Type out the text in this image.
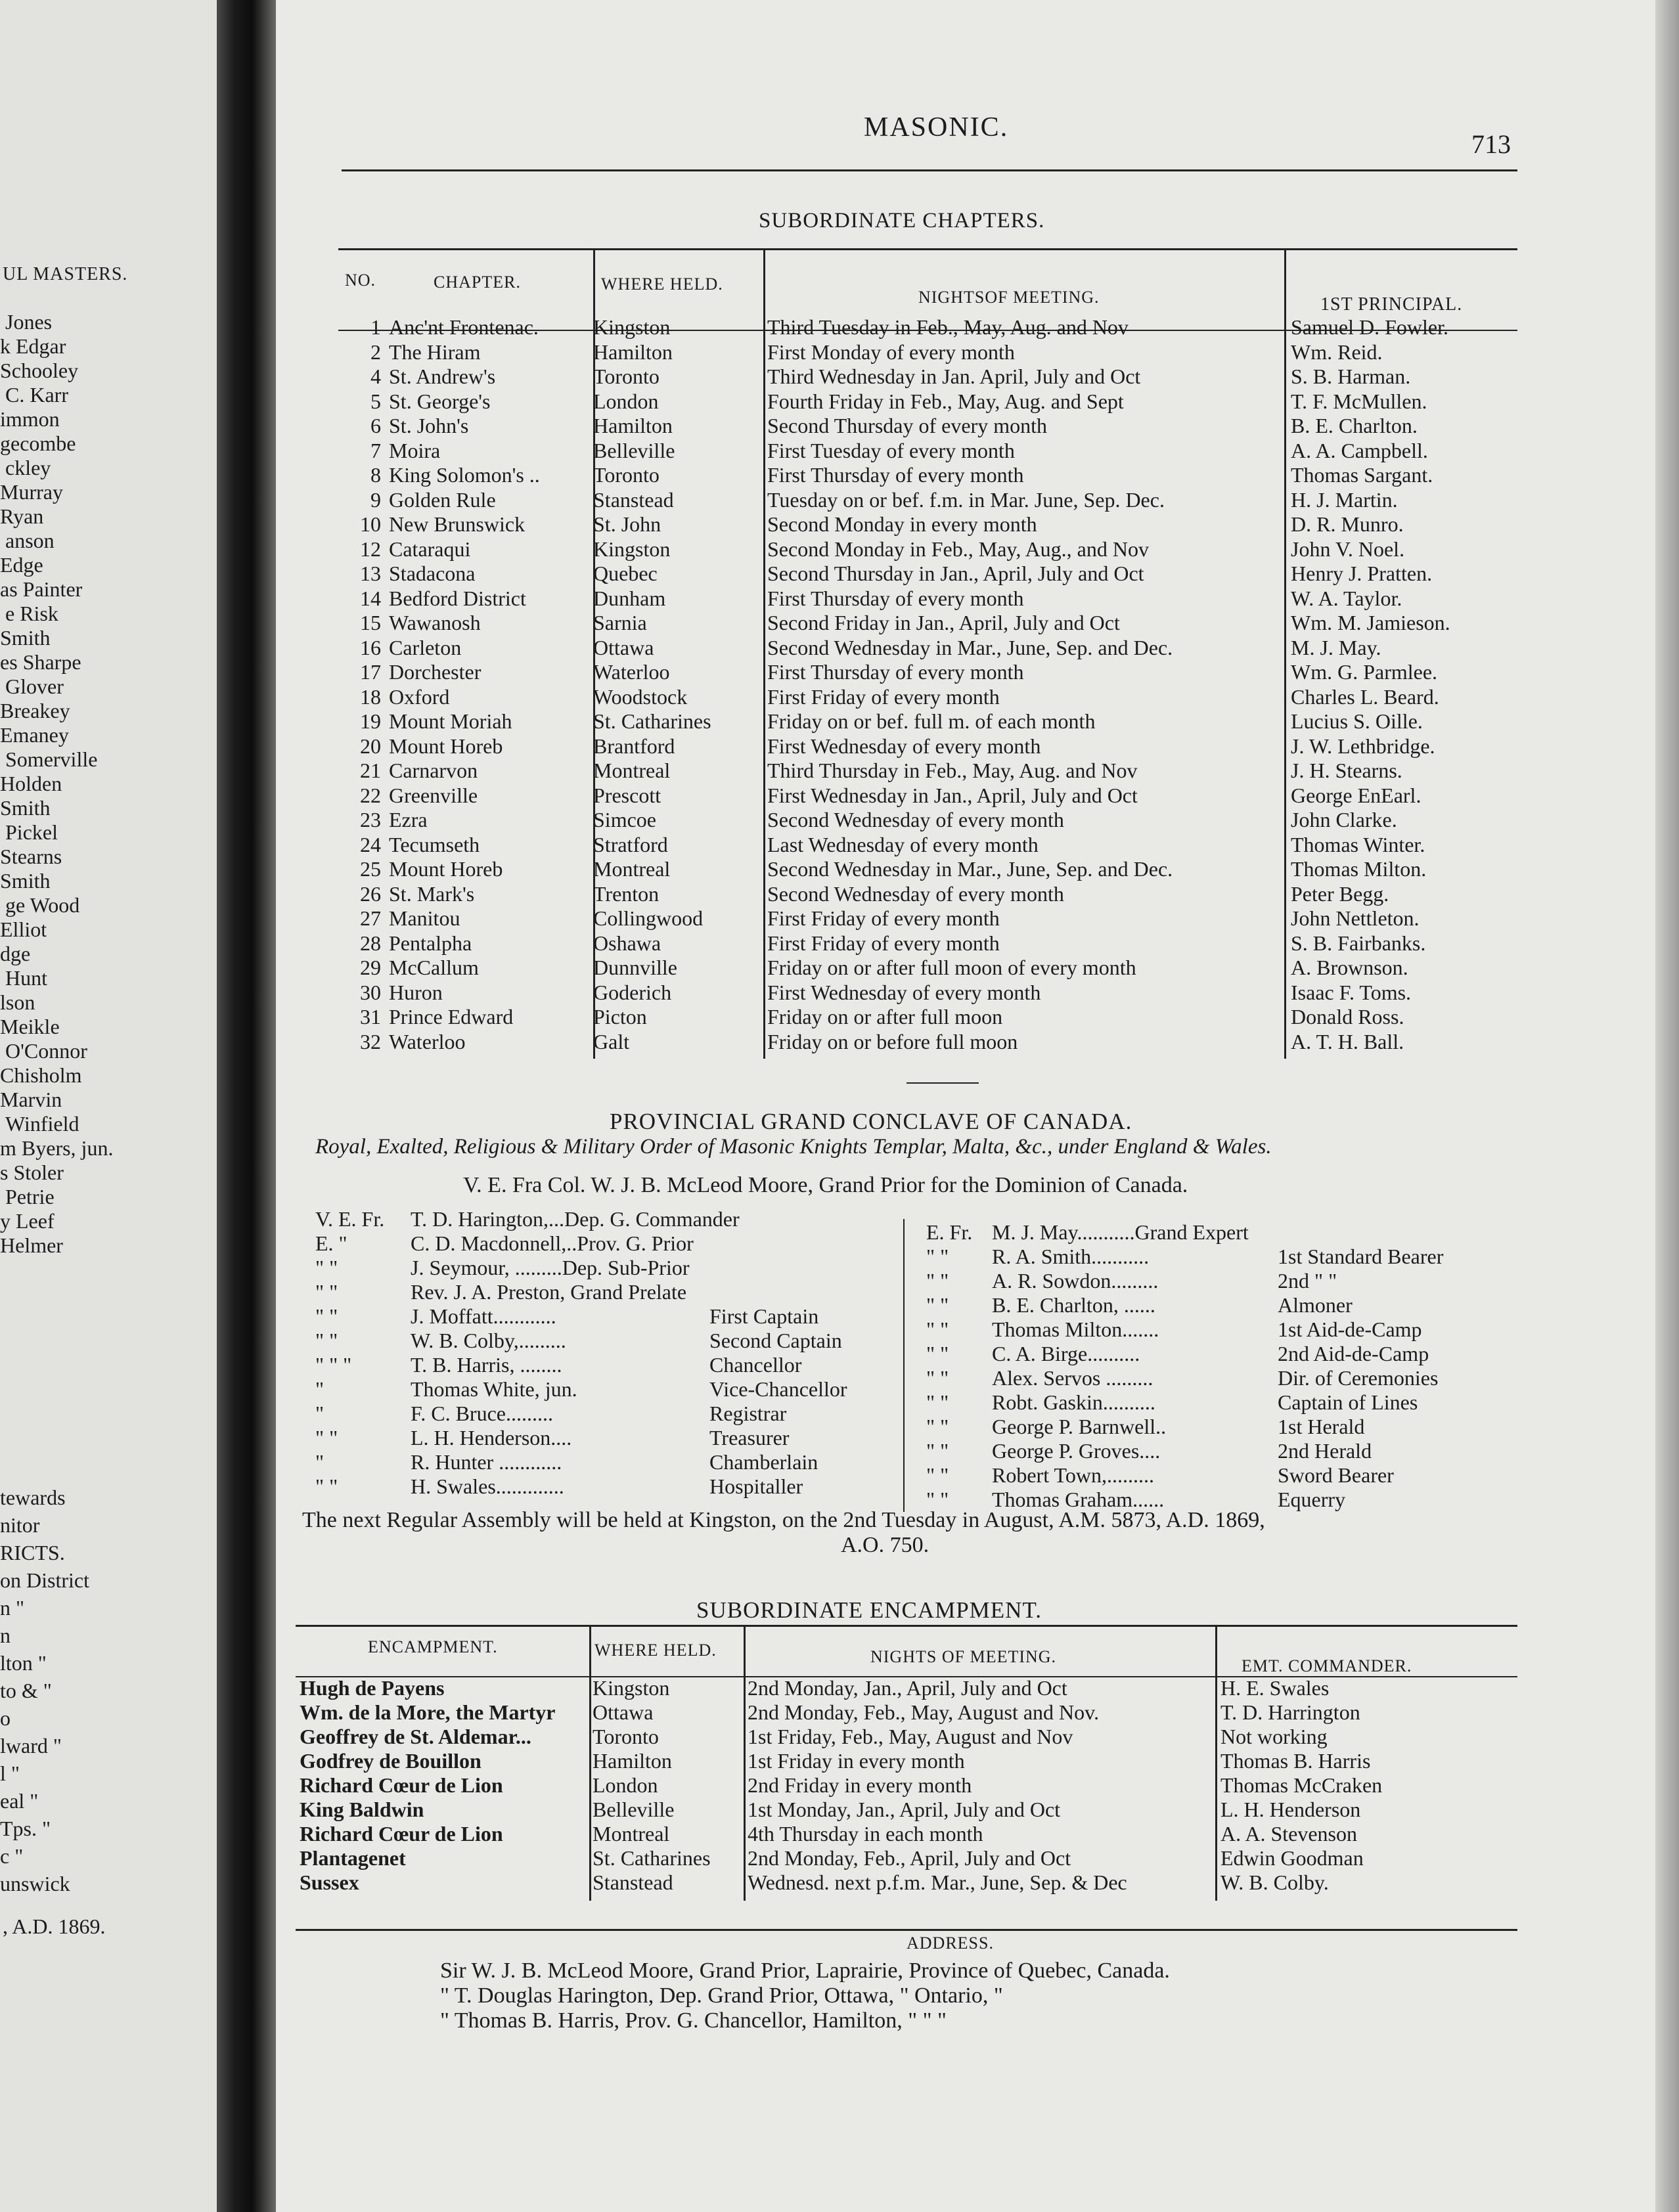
UL MASTERS.
Jones
k Edgar
Schooley
C. Karr
immon
gecombe
ckley
Murray
Ryan
anson
Edge
as Painter
e Risk
Smith
es Sharpe
Glover
Breakey
Emaney
Somerville
Holden
Smith
Pickel
Stearns
Smith
ge Wood
Elliot
dge
Hunt
lson
Meikle
O'Connor
Chisholm
Marvin
Winfield
m Byers, jun.
s Stoler
Petrie
y Leef
Helmer
tewards
nitor
RICTS.
on District
n "
n
lton "
to & "
o
lward "
l "
eal "
Tps. "
c "
unswick
, A.D. 1869.
MASONIC.
713
SUBORDINATE CHAPTERS.
NO.	CHAPTER.	WHERE HELD.
NIGHTSOF MEETING.	1ST PRINCIPAL.
1 Anc'nt Frontenac.	Kingston	Third Tuesday in Feb., May, Aug. and Nov	Samuel D. Fowler.
2 The Hiram	Hamilton	First Monday of every month	Wm. Reid.
4 St. Andrew's	Toronto	Third Wednesday in Jan. April, July and Oct	S. B. Harman.
5 St. George's	London	Fourth Friday in Feb., May, Aug. and Sept	T. F. McMullen.
6 St. John's	Hamilton	Second Thursday of every month	B. E. Charlton.
7 Moira	Belleville	First Tuesday of every month	A. A. Campbell.
8 King Solomon's ..	Toronto	First Thursday of every month	Thomas Sargant.
9 Golden Rule	Stanstead	Tuesday on or bef. f.m. in Mar. June, Sep. Dec.	H. J. Martin.
10 New Brunswick	St. John	Second Monday in every month	D. R. Munro.
12 Cataraqui	Kingston	Second Monday in Feb., May, Aug., and Nov	John V. Noel.
13 Stadacona	Quebec	Second Thursday in Jan., April, July and Oct	Henry J. Pratten.
14 Bedford District	Dunham	First Thursday of every month	W. A. Taylor.
15 Wawanosh	Sarnia	Second Friday in Jan., April, July and Oct	Wm. M. Jamieson.
16 Carleton	Ottawa	Second Wednesday in Mar., June, Sep. and Dec.	M. J. May.
17 Dorchester	Waterloo	First Thursday of every month	Wm. G. Parmlee.
18 Oxford	Woodstock	First Friday of every month	Charles L. Beard.
19 Mount Moriah	St. Catharines	Friday on or bef. full m. of each month	Lucius S. Oille.
20 Mount Horeb	Brantford	First Wednesday of every month	J. W. Lethbridge.
21 Carnarvon	Montreal	Third Thursday in Feb., May, Aug. and Nov	J. H. Stearns.
22 Greenville	Prescott	First Wednesday in Jan., April, July and Oct	George EnEarl.
23 Ezra	Simcoe	Second Wednesday of every month	John Clarke.
24 Tecumseth	Stratford	Last Wednesday of every month	Thomas Winter.
25 Mount Horeb	Montreal	Second Wednesday in Mar., June, Sep. and Dec.	Thomas Milton.
26 St. Mark's	Trenton	Second Wednesday of every month	Peter Begg.
27 Manitou	Collingwood	First Friday of every month	John Nettleton.
28 Pentalpha	Oshawa	First Friday of every month	S. B. Fairbanks.
29 McCallum	Dunnville	Friday on or after full moon of every month	A. Brownson.
30 Huron	Goderich	First Wednesday of every month	Isaac F. Toms.
31 Prince Edward	Picton	Friday on or after full moon	Donald Ross.
32 Waterloo	Galt	Friday on or before full moon	A. T. H. Ball.
PROVINCIAL GRAND CONCLAVE OF CANADA.
Royal, Exalted, Religious & Military Order of Masonic Knights Templar, Malta, &c., under England & Wales.
V. E. Fra Col. W. J. B. McLeod Moore, Grand Prior for the Dominion of Canada.
V. E. Fr. T. D. Harington,...Dep. G. Commander
E. "	C. D. Macdonnell,..Prov. G. Prior
" "	J. Seymour, .........Dep. Sub-Prior
" "	Rev. J. A. Preston, Grand Prelate
" "	J. Moffatt............	First Captain
" "	W. B. Colby,.........	Second Captain
" " "	T. B. Harris, ........	Chancellor
"	Thomas White, jun.	Vice-Chancellor
"	F. C. Bruce.........	Registrar
" "	L. H. Henderson....	Treasurer
"	R. Hunter ............	Chamberlain
" "	H. Swales.............	Hospitaller
E. Fr. M. J. May...........Grand Expert
" " R. A. Smith...........	1st Standard Bearer
" " A. R. Sowdon.........	2nd " "
" " B. E. Charlton, ......	Almoner
" " Thomas Milton.......	1st Aid-de-Camp
" " C. A. Birge..........	2nd Aid-de-Camp
" " Alex. Servos .........	Dir. of Ceremonies
" " Robt. Gaskin..........	Captain of Lines
" " George P. Barnwell..	1st Herald
" " George P. Groves....	2nd Herald
" " Robert Town,.........	Sword Bearer
" " Thomas Graham......	Equerry
The next Regular Assembly will be held at Kingston, on the 2nd Tuesday in August, A.M. 5873, A.D. 1869,
A.O. 750.
SUBORDINATE ENCAMPMENT.
ENCAMPMENT.	WHERE HELD.	NIGHTS OF MEETING.	EMT. COMMANDER.
Hugh de Payens	Kingston	2nd Monday, Jan., April, July and Oct	H. E. Swales
Wm. de la More, the Martyr	Ottawa	2nd Monday, Feb., May, August and Nov.	T. D. Harrington
Geoffrey de St. Aldemar...	Toronto	1st Friday, Feb., May, August and Nov	Not working
Godfrey de Bouillon	Hamilton	1st Friday in every month	Thomas B. Harris
Richard Cœur de Lion	London	2nd Friday in every month	Thomas McCraken
King Baldwin	Belleville	1st Monday, Jan., April, July and Oct	L. H. Henderson
Richard Cœur de Lion	Montreal	4th Thursday in each month	A. A. Stevenson
Plantagenet	St. Catharines	2nd Monday, Feb., April, July and Oct	Edwin Goodman
Sussex	Stanstead	Wednesd. next p.f.m. Mar., June, Sep. & Dec	W. B. Colby.
ADDRESS.
Sir W. J. B. McLeod Moore, Grand Prior, Laprairie, Province of Quebec, Canada.
" T. Douglas Harington, Dep. Grand Prior, Ottawa, " Ontario, "
" Thomas B. Harris, Prov. G. Chancellor, Hamilton, " " "
